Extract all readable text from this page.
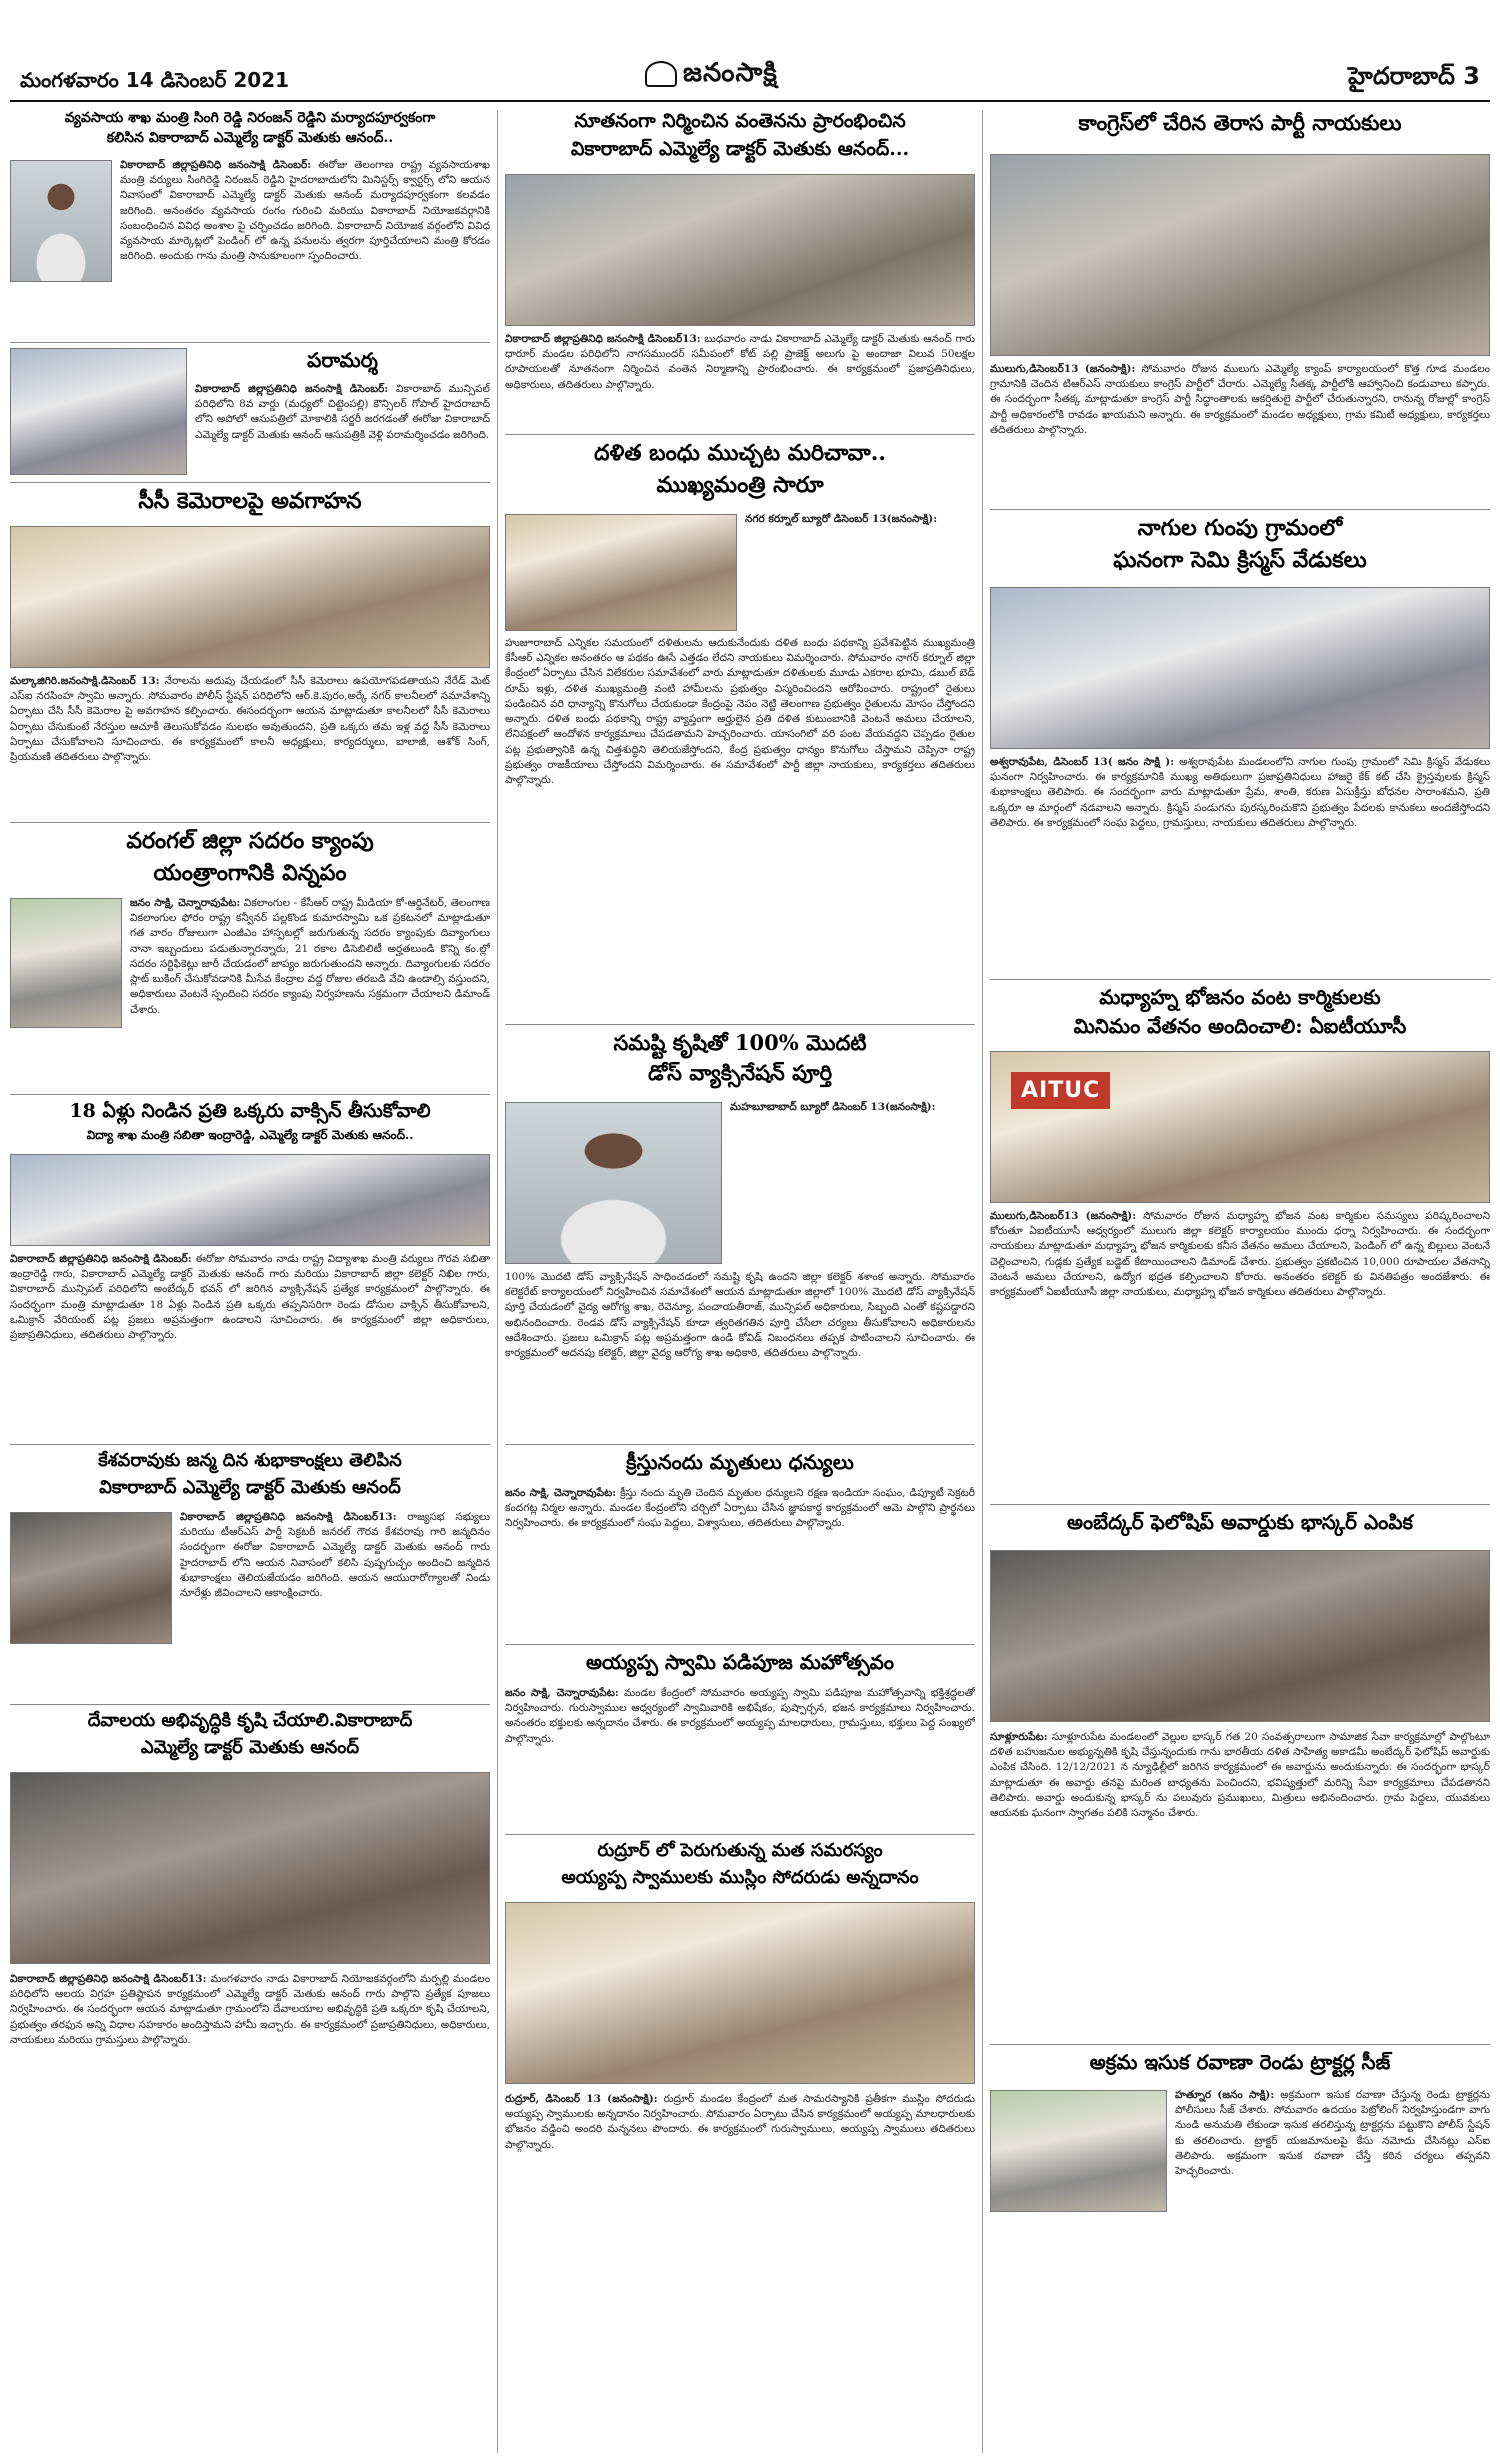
మంగళవారం 14 డిసెంబర్ 2021	జనంసాక్షి	హైదరాబాద్ 3
వ్యవసాయ శాఖ మంత్రి సింగి రెడ్డి నిరంజన్ రెడ్డిని మర్యాదపూర్వకంగా
కలిసిన వికారాబాద్ ఎమ్మెల్యే డాక్టర్ మెతుకు ఆనంద్..
వికారాబాద్ జిల్లాప్రతినిధి జనంసాక్షి డిసెంబర్: ఈరోజు తెలంగాణ రాష్ట్ర వ్యవసాయశాఖ మంత్రి వర్యులు సింగిరెడ్డి నిరంజన్ రెడ్డిని హైదరాబాదులోని మినిస్టర్స్ క్వార్టర్స్ లోని ఆయన నివాసంలో వికారాబాద్ ఎమ్మెల్యే డాక్టర్ మెతుకు ఆనంద్ మర్యాదపూర్వకంగా కలవడం జరిగింది. అనంతరం వ్యవసాయ రంగం గురించి మరియు వికారాబాద్ నియోజకవర్గానికి సంబంధించిన వివిధ అంశాల పై చర్చించడం జరిగింది. వికారాబాద్ నియోజక వర్గంలోని వివిధ వ్యవసాయ మార్కెట్లలో పెండింగ్ లో ఉన్న పనులను త్వరగా పూర్తిచేయాలని మంత్రి కోరడం జరిగింది. అందుకు గాను మంత్రి సానుకూలంగా స్పందించారు.
పరామర్శ
వికారాబాద్ జిల్లాప్రతినిధి జనంసాక్షి డిసెంబర్: వికారాబాద్ మున్సిపల్ పరిధిలోని 8వ వార్డు (మధ్యలో చిట్టెంపల్లి) కౌన్సిలర్ గోపాల్ హైదరాబాద్ లోని అపోలో ఆసుపత్రిలో మోకాలికి సర్జరీ జరగడంతో ఈరోజు వికారాబాద్ ఎమ్మెల్యే డాక్టర్ మెతుకు ఆనంద్ ఆసుపత్రికి వెళ్లి పరామర్శించడం జరిగింది.
సీసీ కెమెరాలపై అవగాహన
మల్కాజిగిరి.జనంసాక్షి.డిసెంబర్ 13: నేరాలను అదుపు చేయడంలో సీసీ కెమెరాలు ఉపయోగపడతాయని నేరేడ్ మెట్ ఎస్ఐ నరసింహ స్వామి అన్నారు. సోమవారం పోలీస్ స్టేషన్ పరిధిలోని ఆర్.కె.పురం,అర్కే నగర్ కాలనీలలో సమావేశాన్ని ఏర్పాటు చేసి సీసీ కెమెరాల పై అవగాహన కల్పించారు. ఈసందర్భంగా ఆయన మాట్లాడుతూ కాలనీలలో సీసీ కెమెరాలు ఏర్పాటు చేసుకుంటే నేరస్తుల ఆచూకీ తెలుసుకోవడం సులభం అవుతుందని, ప్రతి ఒక్కరు తమ ఇళ్ల వద్ద సీసీ కెమెరాలు ఏర్పాటు చేసుకోవాలని సూచించారు. ఈ కార్యక్రమంలో కాలనీ అధ్యక్షులు, కార్యదర్శులు, బాలాజీ, ఆశోక్ సింగ్, ప్రియమణి తదితరులు పాల్గొన్నారు.
వరంగల్ జిల్లా సదరం క్యాంపు
యంత్రాంగానికి విన్నపం
జనం సాక్షి, చెన్నారావుపేట: వికలాంగుల - కేసీఆర్ రాష్ట్ర మీడియా కో-ఆర్డినేటర్, తెలంగాణ వికలాంగుల ఫోరం రాష్ట్ర కన్వీనర్ పల్లకొండ కుమారస్వామి ఒక ప్రకటనలో మాట్లాడుతూ గత వారం రోజులుగా ఎంజీఎం హాస్పటల్లో జరుగుతున్న సదరం క్యాంపుకు దివ్యాంగులు నానా ఇబ్బందులు పడుతున్నారన్నారు, 21 రకాల డిసెబిలిటీ అర్హతలుండి కొన్ని కం.ల్లో సదరం సర్టిఫికెట్లు జారీ చేయడంలో జాప్యం జరుగుతుందని అన్నారు. దివ్యాంగులకు సదరం స్లాట్ బుకింగ్ చేసుకోవడానికి మీసేవ కేంద్రాల వద్ద రోజుల తరబడి వేచి ఉండాల్సి వస్తుందని, అధికారులు వెంటనే స్పందించి సదరం క్యాంపు నిర్వహణను సక్రమంగా చేయాలని డిమాండ్ చేశారు.
18 ఏళ్లు నిండిన ప్రతి ఒక్కరు వాక్సిన్ తీసుకోవాలి
విద్యా శాఖ మంత్రి సబితా ఇంద్రారెడ్డి, ఎమ్మెల్యే డాక్టర్ మెతుకు ఆనంద్..
వికారాబాద్ జిల్లాప్రతినిధి జనంసాక్షి డిసెంబర్: ఈరోజు సోమవారం నాడు రాష్ట్ర విద్యాశాఖ మంత్రి వర్యులు గౌరవ సబితా ఇంద్రారెడ్డి గారు, వికారాబాద్ ఎమ్మెల్యే డాక్టర్ మెతుకు ఆనంద్ గారు మరియు వికారాబాద్ జిల్లా కలెక్టర్ నిఖిల గారు, వికారాబాద్ మున్సిపల్ పరిధిలోని అంబేద్కర్ భవన్ లో జరిగిన వ్యాక్సినేషన్ ప్రత్యేక కార్యక్రమంలో పాల్గొన్నారు. ఈ సందర్భంగా మంత్రి మాట్లాడుతూ 18 ఏళ్లు నిండిన ప్రతి ఒక్కరు తప్పనిసరిగా రెండు డోసుల వాక్సిన్ తీసుకోవాలని, ఒమిక్రాన్ వేరియంట్ పట్ల ప్రజలు అప్రమత్తంగా ఉండాలని సూచించారు. ఈ కార్యక్రమంలో జిల్లా అధికారులు, ప్రజాప్రతినిధులు, తదితరులు పాల్గొన్నారు.
కేశవరావుకు జన్మ దిన శుభాకాంక్షలు తెలిపిన
వికారాబాద్ ఎమ్మెల్యే డాక్టర్ మెతుకు ఆనంద్
వికారాబాద్ జిల్లాప్రతినిధి జనంసాక్షి డిసెంబర్13: రాజ్యసభ సభ్యులు మరియు టీఆర్ఎస్ పార్టీ సెక్రటరీ జనరల్ గౌరవ కేశవరావు గారి జన్మదినం సందర్భంగా ఈరోజు వికారాబాద్ ఎమ్మెల్యే డాక్టర్ మెతుకు ఆనంద్ గారు హైదరాబాద్ లోని ఆయన నివాసంలో కలిసి పుష్పగుచ్ఛం అందించి జన్మదిన శుభాకాంక్షలు తెలియజేయడం జరిగింది. ఆయన ఆయురారోగ్యాలతో నిండు నూరేళ్లు జీవించాలని ఆకాంక్షించారు.
దేవాలయ అభివృద్ధికి కృషి చేయాలి.వికారాబాద్
ఎమ్మెల్యే డాక్టర్ మెతుకు ఆనంద్
వికారాబాద్ జిల్లాప్రతినిధి జనంసాక్షి డిసెంబర్13: మంగళవారం నాడు వికారాబాద్ నియోజకవర్గంలోని మర్పల్లి మండలం పరిధిలోని ఆలయ విగ్రహ ప్రతిష్ఠాపన కార్యక్రమంలో ఎమ్మెల్యే డాక్టర్ మెతుకు ఆనంద్ గారు పాల్గొని ప్రత్యేక పూజలు నిర్వహించారు. ఈ సందర్భంగా ఆయన మాట్లాడుతూ గ్రామంలోని దేవాలయాల అభివృద్ధికి ప్రతి ఒక్కరూ కృషి చేయాలని, ప్రభుత్వం తరఫున అన్ని విధాల సహకారం అందిస్తామని హామీ ఇచ్చారు. ఈ కార్యక్రమంలో ప్రజాప్రతినిధులు, అధికారులు, నాయకులు మరియు గ్రామస్తులు పాల్గొన్నారు.
నూతనంగా నిర్మించిన వంతెనను ప్రారంభించిన
వికారాబాద్ ఎమ్మెల్యే డాక్టర్ మెతుకు ఆనంద్...
వికారాబాద్ జిల్లాప్రతినిధి జనంసాక్షి డిసెంబర్13: బుధవారం నాడు వికారాబాద్ ఎమ్మెల్యే డాక్టర్ మెతుకు ఆనంద్ గారు ధారూర్ మండల పరిధిలోని నాగసముందర్ సమీపంలో కోట్ పల్లి ప్రాజెక్ట్ అలుగు పై అందాజా విలువ 50లక్షల రూపాయలతో నూతనంగా నిర్మించిన వంతెన నిర్మాణాన్ని ప్రారంభించారు. ఈ కార్యక్రమంలో ప్రజాప్రతినిధులు, అధికారులు, తదితరులు పాల్గొన్నారు.
దళిత బంధు ముచ్చట మరిచావా..
ముఖ్యమంత్రి సారూ
నగర కర్నూల్ బ్యూరో డిసెంబర్ 13(జనంసాక్షి):
హుజూరాబాద్ ఎన్నికల సమయంలో దళితులను ఆదుకునేందుకు దళిత బంధు పథకాన్ని ప్రవేశపెట్టిన ముఖ్యమంత్రి కేసీఆర్ ఎన్నికల అనంతరం ఆ పథకం ఊసే ఎత్తడం లేదని నాయకులు విమర్శించారు. సోమవారం నాగర్ కర్నూల్ జిల్లా కేంద్రంలో ఏర్పాటు చేసిన విలేకరుల సమావేశంలో వారు మాట్లాడుతూ దళితులకు మూడు ఎకరాల భూమి, డబుల్ బెడ్ రూమ్ ఇళ్లు, దళిత ముఖ్యమంత్రి వంటి హామీలను ప్రభుత్వం విస్మరించిందని ఆరోపించారు. రాష్ట్రంలో రైతులు పండించిన వరి ధాన్యాన్ని కొనుగోలు చేయకుండా కేంద్రంపై నెపం నెట్టి తెలంగాణ ప్రభుత్వం రైతులను మోసం చేస్తోందని అన్నారు. దళిత బంధు పథకాన్ని రాష్ట్ర వ్యాప్తంగా అర్హులైన ప్రతి దళిత కుటుంబానికి వెంటనే అమలు చేయాలని, లేనిపక్షంలో ఆందోళన కార్యక్రమాలు చేపడతామని హెచ్చరించారు. యాసంగిలో వరి పంట వేయవద్దని చెప్పడం రైతుల పట్ల ప్రభుత్వానికి ఉన్న చిత్తశుద్ధిని తెలియజేస్తోందని, కేంద్ర ప్రభుత్వం ధాన్యం కొనుగోలు చేస్తామని చెప్పినా రాష్ట్ర ప్రభుత్వం రాజకీయాలు చేస్తోందని విమర్శించారు. ఈ సమావేశంలో పార్టీ జిల్లా నాయకులు, కార్యకర్తలు తదితరులు పాల్గొన్నారు.
సమష్టి కృషితో 100% మొదటి
డోస్ వ్యాక్సినేషన్ పూర్తి
మహబూబాబాద్ బ్యూరో డిసెంబర్ 13(జనంసాక్షి):
100% మొదటి డోస్ వ్యాక్సినేషన్ సాధించడంలో సమష్టి కృషి ఉందని జిల్లా కలెక్టర్ శశాంక అన్నారు. సోమవారం కలెక్టరేట్ కార్యాలయంలో నిర్వహించిన సమావేశంలో ఆయన మాట్లాడుతూ జిల్లాలో 100% మొదటి డోస్ వ్యాక్సినేషన్ పూర్తి చేయడంలో వైద్య ఆరోగ్య శాఖ, రెవెన్యూ, పంచాయతీరాజ్, మున్సిపల్ అధికారులు, సిబ్బంది ఎంతో కష్టపడ్డారని అభినందించారు. రెండవ డోస్ వ్యాక్సినేషన్ కూడా త్వరితగతిన పూర్తి చేసేలా చర్యలు తీసుకోవాలని అధికారులను ఆదేశించారు. ప్రజలు ఒమిక్రాన్ పట్ల అప్రమత్తంగా ఉండి కోవిడ్ నిబంధనలు తప్పక పాటించాలని సూచించారు. ఈ కార్యక్రమంలో అదనపు కలెక్టర్, జిల్లా వైద్య ఆరోగ్య శాఖ అధికారి, తదితరులు పాల్గొన్నారు.
క్రీస్తునందు మృతులు ధన్యులు
జనం సాక్షి, చెన్నారావుపేట: క్రీస్తు నందు మృతి చెందిన మృతుల ధన్యులని రక్షణ ఇండియా సంఘం, డిప్యూటీ సెక్రటరీ కందగట్ల నిర్మల అన్నారు. మండల కేంద్రంలోని చర్చిలో ఏర్పాటు చేసిన జ్ఞాపకార్థ కార్యక్రమంలో ఆమె పాల్గొని ప్రార్థనలు నిర్వహించారు. ఈ కార్యక్రమంలో సంఘ పెద్దలు, విశ్వాసులు, తదితరులు పాల్గొన్నారు.
అయ్యప్ప స్వామి పడిపూజ మహోత్సవం
జనం సాక్షి, చెన్నారావుపేట: మండల కేంద్రంలో సోమవారం అయ్యప్ప స్వామి పడిపూజ మహోత్సవాన్ని భక్తిశ్రద్ధలతో నిర్వహించారు. గురుస్వాముల ఆధ్వర్యంలో స్వామివారికి అభిషేకం, పుష్పార్చన, భజన కార్యక్రమాలు నిర్వహించారు. అనంతరం భక్తులకు అన్నదానం చేశారు. ఈ కార్యక్రమంలో అయ్యప్ప మాలధారులు, గ్రామస్తులు, భక్తులు పెద్ద సంఖ్యలో పాల్గొన్నారు.
రుద్రూర్ లో పెరుగుతున్న మత సమరస్యం
అయ్యప్ప స్వాములకు ముస్లిం సోదరుడు అన్నదానం
రుద్రూర్, డిసెంబర్ 13 (జనంసాక్షి): రుద్రూర్ మండల కేంద్రంలో మత సామరస్యానికి ప్రతీకగా ముస్లిం సోదరుడు అయ్యప్ప స్వాములకు అన్నదానం నిర్వహించారు. సోమవారం ఏర్పాటు చేసిన కార్యక్రమంలో అయ్యప్ప మాలధారులకు భోజనం వడ్డించి అందరి మన్ననలు పొందారు. ఈ కార్యక్రమంలో గురుస్వాములు, అయ్యప్ప స్వాములు తదితరులు పాల్గొన్నారు.
కాంగ్రెస్‌లో చేరిన తెరాస పార్టీ నాయకులు
ములుగు,డిసెంబర్13 (జనంసాక్షి): సోమవారం రోజున ములుగు ఎమ్మెల్యే క్యాంప్ కార్యాలయంలో కొత్త గూడ మండలం గ్రామానికి చెందిన టిఆర్ఎస్ నాయకులు కాంగ్రెస్ పార్టీలో చేరారు. ఎమ్మెల్యే సీతక్క పార్టీలోకి ఆహ్వానించి కండువాలు కప్పారు. ఈ సందర్భంగా సీతక్క మాట్లాడుతూ కాంగ్రెస్ పార్టీ సిద్ధాంతాలకు ఆకర్షితులై పార్టీలో చేరుతున్నారని, రానున్న రోజుల్లో కాంగ్రెస్ పార్టీ అధికారంలోకి రావడం ఖాయమని అన్నారు. ఈ కార్యక్రమంలో మండల అధ్యక్షులు, గ్రామ కమిటీ అధ్యక్షులు, కార్యకర్తలు తదితరులు పాల్గొన్నారు.
నాగుల గుంపు గ్రామంలో
ఘనంగా సెమి క్రిస్మస్ వేడుకలు
అశ్వరావుపేట, డిసెంబర్ 13( జనం సాక్షి ): అశ్వరావుపేట మండలంలోని నాగుల గుంపు గ్రామంలో సెమి క్రిస్మస్ వేడుకలు ఘనంగా నిర్వహించారు. ఈ కార్యక్రమానికి ముఖ్య అతిథులుగా ప్రజాప్రతినిధులు హాజరై కేక్ కట్ చేసి క్రైస్తవులకు క్రిస్మస్ శుభాకాంక్షలు తెలిపారు. ఈ సందర్భంగా వారు మాట్లాడుతూ ప్రేమ, శాంతి, కరుణ ఏసుక్రీస్తు బోధనల సారాంశమని, ప్రతి ఒక్కరూ ఆ మార్గంలో నడవాలని అన్నారు. క్రిస్మస్ పండుగను పురస్కరించుకొని ప్రభుత్వం పేదలకు కానుకలు అందజేస్తోందని తెలిపారు. ఈ కార్యక్రమంలో సంఘ పెద్దలు, గ్రామస్తులు, నాయకులు తదితరులు పాల్గొన్నారు.
మధ్యాహ్న భోజనం వంట కార్మికులకు
మినిమం వేతనం అందించాలి: ఏఐటీయూసీ
AITUC
ములుగు,డిసెంబర్13 (జనంసాక్షి): సోమవారం రోజున మధ్యాహ్న భోజన వంట కార్మికుల సమస్యలు పరిష్కరించాలని కోరుతూ ఏఐటీయూసీ ఆధ్వర్యంలో ములుగు జిల్లా కలెక్టర్ కార్యాలయం ముందు ధర్నా నిర్వహించారు. ఈ సందర్భంగా నాయకులు మాట్లాడుతూ మధ్యాహ్న భోజన కార్మికులకు కనీస వేతనం అమలు చేయాలని, పెండింగ్ లో ఉన్న బిల్లులు వెంటనే చెల్లించాలని, గుడ్లకు ప్రత్యేక బడ్జెట్ కేటాయించాలని డిమాండ్ చేశారు. ప్రభుత్వం ప్రకటించిన 10,000 రూపాయల వేతనాన్ని వెంటనే అమలు చేయాలని, ఉద్యోగ భద్రత కల్పించాలని కోరారు. అనంతరం కలెక్టర్ కు వినతిపత్రం అందజేశారు. ఈ కార్యక్రమంలో ఏఐటీయూసీ జిల్లా నాయకులు, మధ్యాహ్న భోజన కార్మికులు తదితరులు పాల్గొన్నారు.
అంబేద్కర్ ఫెలోషిప్ అవార్డుకు భాస్కర్ ఎంపిక
సూళ్లూరుపేట: సూళ్లూరుపేట మండలంలో వెల్లుల భాస్కర్ గత 20 సంవత్సరాలుగా సామాజిక సేవా కార్యక్రమాల్లో పాల్గొంటూ దళిత బహుజనుల అభ్యున్నతికి కృషి చేస్తున్నందుకు గాను భారతీయ దళిత సాహిత్య అకాడమీ అంబేద్కర్ ఫెలోషిప్ అవార్డుకు ఎంపిక చేసింది. 12/12/2021 న న్యూఢిల్లీలో జరిగిన కార్యక్రమంలో ఈ అవార్డును అందుకున్నారు. ఈ సందర్భంగా భాస్కర్ మాట్లాడుతూ ఈ అవార్డు తనపై మరింత బాధ్యతను పెంచిందని, భవిష్యత్తులో మరిన్ని సేవా కార్యక్రమాలు చేపడతానని తెలిపారు. అవార్డు అందుకున్న భాస్కర్ ను పలువురు ప్రముఖులు, మిత్రులు అభినందించారు. గ్రామ పెద్దలు, యువకులు ఆయనకు ఘనంగా స్వాగతం పలికి సన్మానం చేశారు.
అక్రమ ఇసుక రవాణా రెండు ట్రాక్టర్ల సీజ్
హత్నూర (జనం సాక్షి): అక్రమంగా ఇసుక రవాణా చేస్తున్న రెండు ట్రాక్టర్లను పోలీసులు సీజ్ చేశారు. సోమవారం ఉదయం పెట్రోలింగ్ నిర్వహిస్తుండగా వాగు నుండి అనుమతి లేకుండా ఇసుక తరలిస్తున్న ట్రాక్టర్లను పట్టుకొని పోలీస్ స్టేషన్ కు తరలించారు. ట్రాక్టర్ యజమానులపై కేసు నమోదు చేసినట్లు ఎస్ఐ తెలిపారు. అక్రమంగా ఇసుక రవాణా చేస్తే కఠిన చర్యలు తప్పవని హెచ్చరించారు.
